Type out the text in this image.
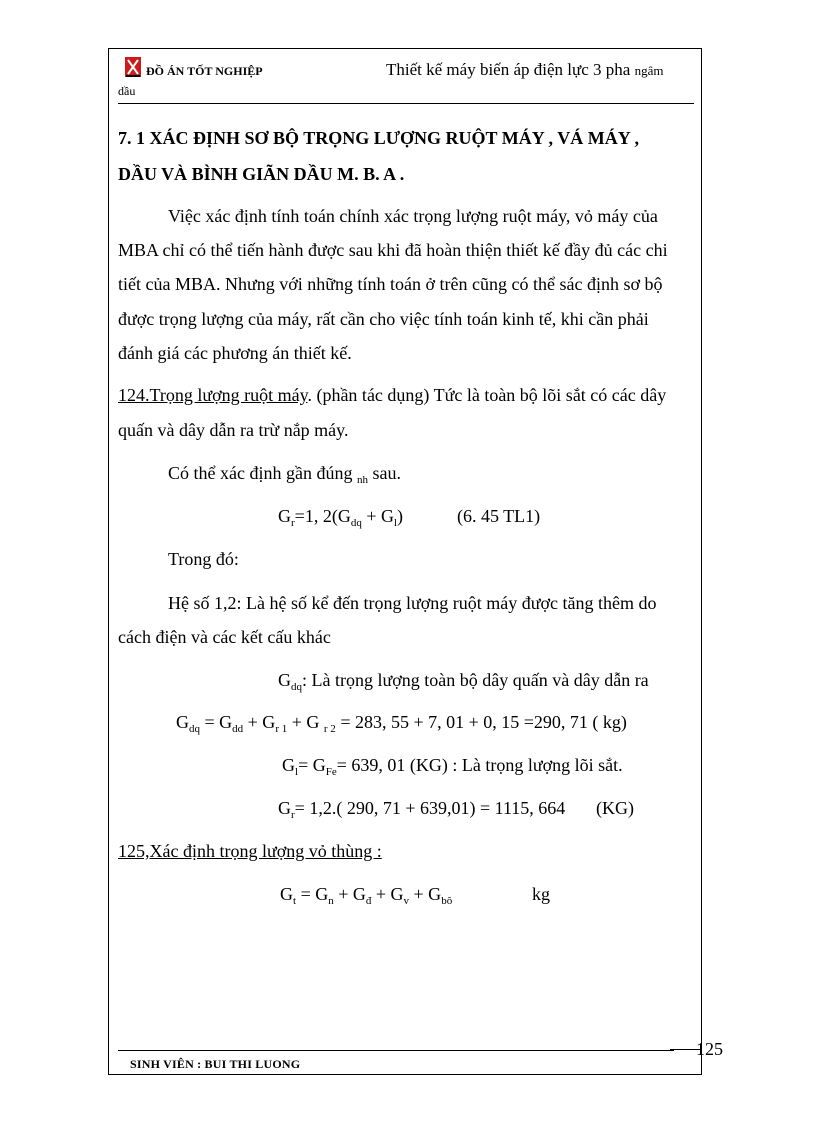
ĐỒ ÁN TỐT NGHIỆP	Thiết kế máy biến áp điện lực 3 pha ngâm
dầu
7. 1 XÁC ĐỊNH SƠ BỘ TRỌNG LƯỢNG RUỘT MÁY , VÁ MÁY ,
DẦU VÀ BÌNH GIÃN DẦU M. B. A .
Việc xác định tính toán chính xác trọng lượng ruột máy, vỏ máy của
MBA chỉ có thể tiến hành được sau khi đã hoàn thiện thiết kế đầy đủ các chi
tiết của MBA. Nhưng với những tính toán ở trên cũng có thể sác định sơ bộ
được trọng lượng của máy, rất cần cho việc tính toán kinh tế, khi cần phải
đánh giá các phương án thiết kế.
124.Trọng lượng ruột máy. (phần tác dụng) Tức là toàn bộ lõi sắt có các dây
quấn và dây dẫn ra trừ nắp máy.
Có thể xác định gần đúng $_{nh}$ sau.
$G_r=1$, $2(G_{dq} + G_l)$	(6. 45 TL1)
Trong đó:
Hệ số 1,2: Là hệ số kể đến trọng lượng ruột máy được tăng thêm do
cách điện và các kết cấu khác
$G_{dq}$: Là trọng lượng toàn bộ dây quấn và dây dẫn ra
$G_{dq} = G_{dd} + G_{r 1} + G$ $_{r 2}$ = 283, 55 + 7, 01 + 0, 15 =290, 71 ( kg)
$G_l= G_{Fe}= 639$, 01 (KG) : Là trọng lượng lõi sắt.
$G_r= 1,2$.( 290, 71 + 639,01) = 1115, 664 (KG)
125,Xác định trọng lượng vỏ thùng :
$G_t = G_n + G_đ + G_v + G_{bô}$	kg
125
SINH VIÊN : BUI THI LUONG
